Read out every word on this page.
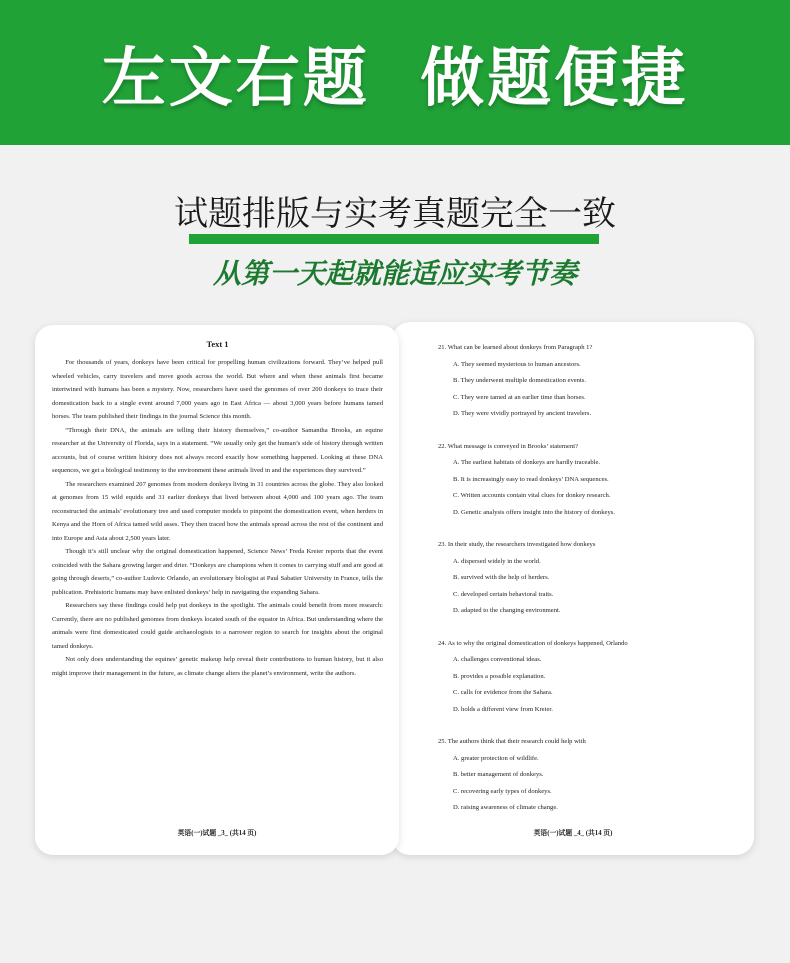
左文右题  做题便捷
试题排版与实考真题完全一致
从第一天起就能适应实考节奏

21. What can be learned about donkeys from Paragraph 1?

A. They seemed mysterious to human ancestors.

B. They underwent multiple domestication events.

C. They were tamed at an earlier time than horses.

D. They were vividly portrayed by ancient travelers.

22. What message is conveyed in Brooks’ statement?

A. The earliest habitats of donkeys are hardly traceable.

B. It is increasingly easy to read donkeys’ DNA sequences.

C. Written accounts contain vital clues for donkey research.

D. Genetic analysis offers insight into the history of donkeys.

23. In their study, the researchers investigated how donkeys

A. dispersed widely in the world.

B. survived with the help of herders.

C. developed certain behavioral traits.

D. adapted to the changing environment.

24. As to why the original domestication of donkeys happened, Orlando

A. challenges conventional ideas.

B. provides a possible explanation.

C. calls for evidence from the Sahara.

D. holds a different view from Kreier.

25. The authors think that their research could help with

A. greater protection of wildlife.

B. better management of donkeys.

C. recovering early types of donkeys.

D. raising awareness of climate change.

英语(一)试题 _4_ (共14 页)

Text 1

For thousands of years, donkeys have been critical for propelling human civilizations forward. They’ve helped pull wheeled vehicles, carry travelers and move goods across the world. But where and when these animals first became intertwined with humans has been a mystery. Now, researchers have used the genomes of over 200 donkeys to trace their domestication back to a single event around 7,000 years ago in East Africa — about 3,000 years before humans tamed horses. The team published their findings in the journal Science this month.

“Through their DNA, the animals are telling their history themselves,” co-author Samantha Brooks, an equine researcher at the University of Florida, says in a statement. “We usually only get the human’s side of history through written accounts, but of course written history does not always record exactly how something happened. Looking at these DNA sequences, we get a biological testimony to the environment these animals lived in and the experiences they survived.”

The researchers examined 207 genomes from modern donkeys living in 31 countries across the globe. They also looked at genomes from 15 wild equids and 31 earlier donkeys that lived between about 4,000 and 100 years ago. The team reconstructed the animals’ evolutionary tree and used computer models to pinpoint the domestication event, when herders in Kenya and the Horn of Africa tamed wild asses. They then traced how the animals spread across the rest of the continent and into Europe and Asia about 2,500 years later.

Though it’s still unclear why the original domestication happened, Science News’ Freda Kreier reports that the event coincided with the Sahara growing larger and drier. “Donkeys are champions when it comes to carrying stuff and are good at going through deserts,” co-author Ludovic Orlando, an evolutionary biologist at Paul Sabatier University in France, tells the publication. Prehistoric humans may have enlisted donkeys’ help in navigating the expanding Sahara.

Researchers say these findings could help put donkeys in the spotlight. The animals could benefit from more research: Currently, there are no published genomes from donkeys located south of the equator in Africa. But understanding where the animals were first domesticated could guide archaeologists to a narrower region to search for insights about the original tamed donkeys.

Not only does understanding the equines’ genetic makeup help reveal their contributions to human history, but it also might improve their management in the future, as climate change alters the planet’s environment, write the authors.

英语(一)试题 _3_ (共14 页)
